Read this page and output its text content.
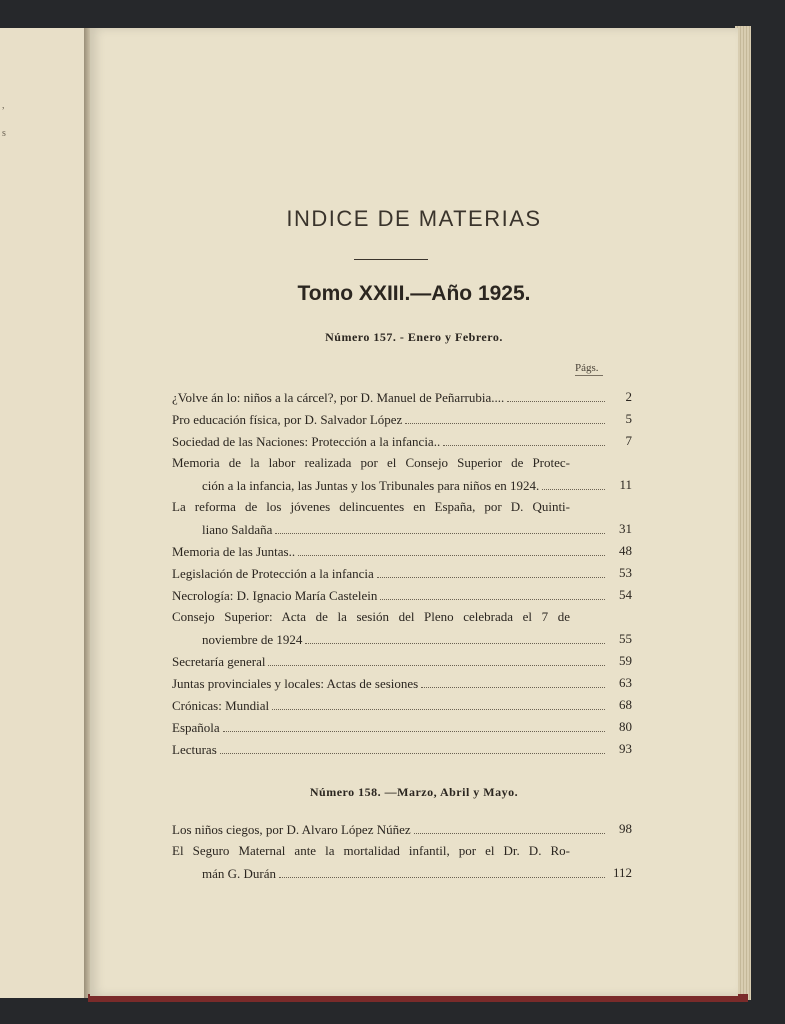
,
s
INDICE DE MATERIAS
Tomo XXIII.—Año 1925.
Número 157. - Enero y Febrero.
Págs.
¿Volve án lo: niños a la cárcel?, por D. Manuel de Peñarrubia....	2
Pro educación física, por D. Salvador López	5
Sociedad de las Naciones: Protección a la infancia..	7
Memoria de la labor realizada por el Consejo Superior de Protec-
ción a la infancia, las Juntas y los Tribunales para niños en 1924.	11
La reforma de los jóvenes delincuentes en España, por D. Quinti-
liano Saldaña	31
Memoria de las Juntas..	48
Legislación de Protección a la infancia	53
Necrología: D. Ignacio María Castelein	54
Consejo Superior: Acta de la sesión del Pleno celebrada el 7 de
noviembre de 1924	55
Secretaría general	59
Juntas provinciales y locales: Actas de sesiones	63
Crónicas: Mundial	68
Española	80
Lecturas	93
Número 158. —Marzo, Abril y Mayo.
Los niños ciegos, por D. Alvaro López Núñez	98
El Seguro Maternal ante la mortalidad infantil, por el Dr. D. Ro-
mán G. Durán	112
